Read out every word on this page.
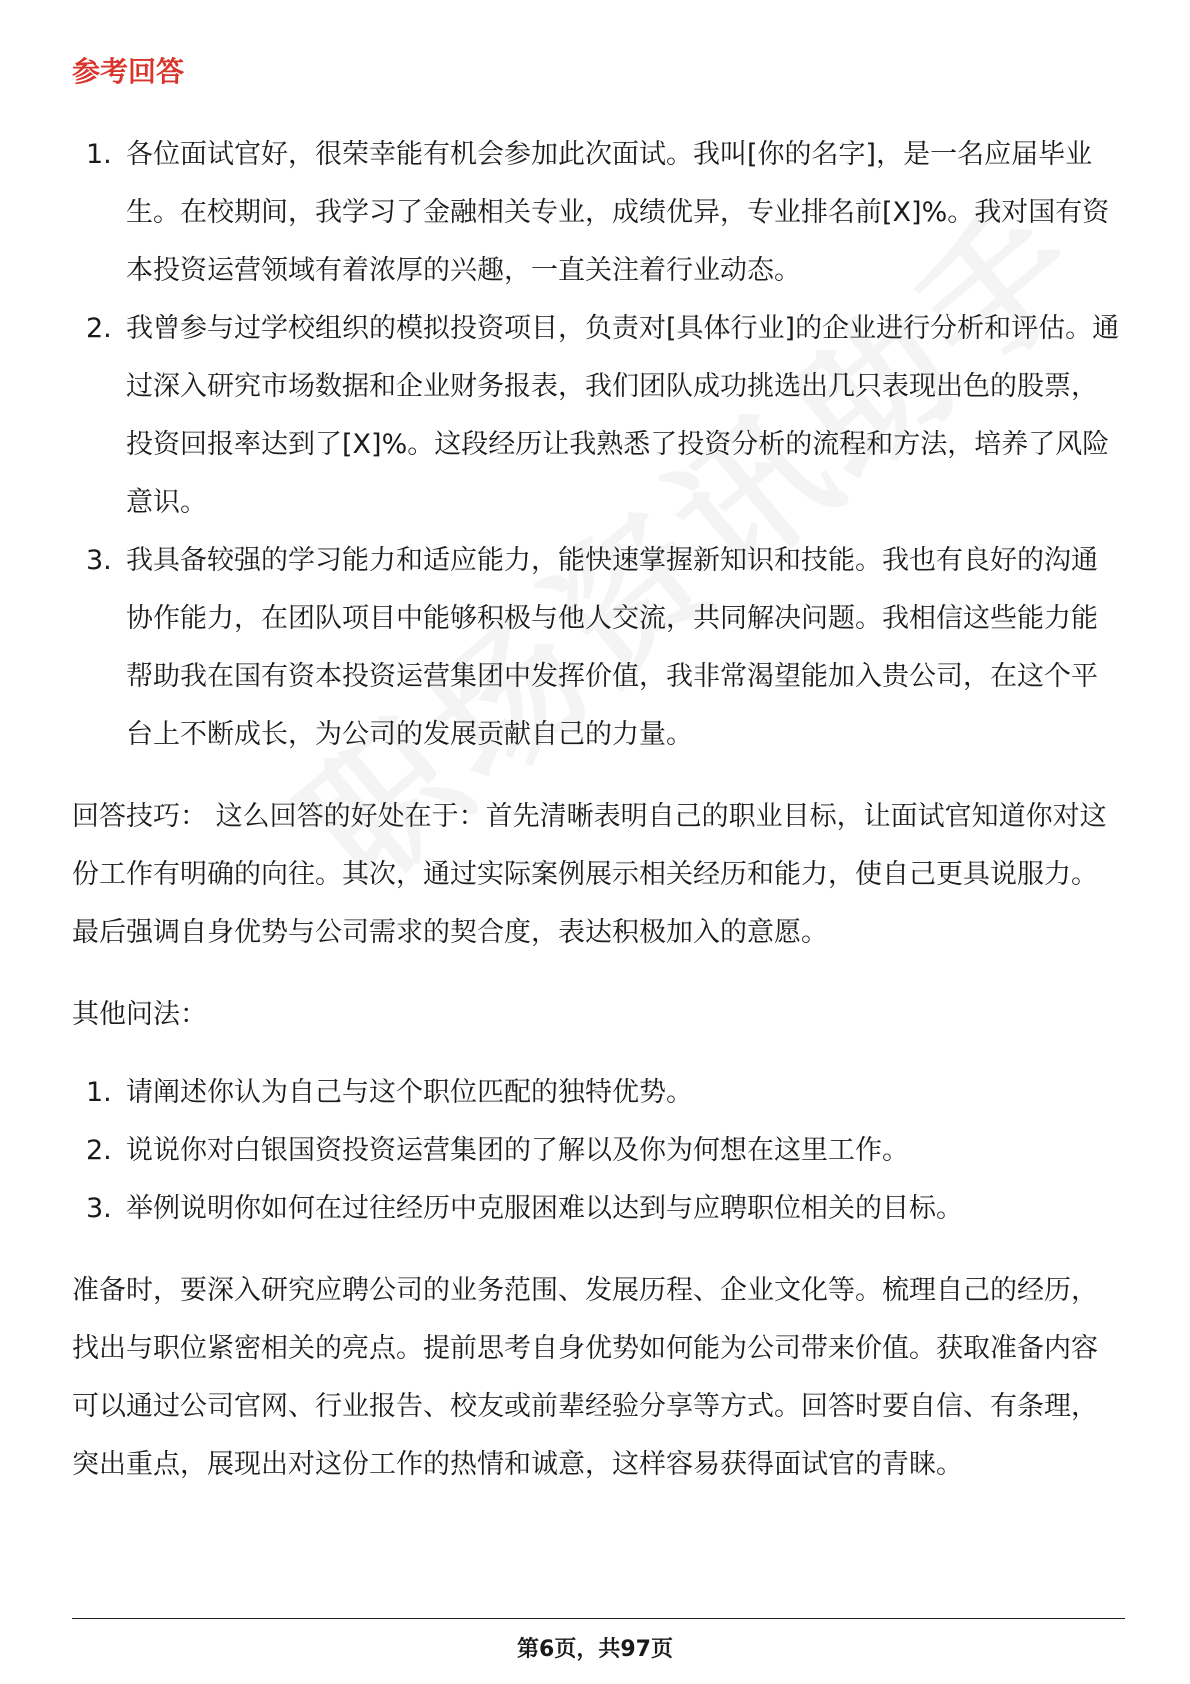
参考回答
1. 各位面试官好，很荣幸能有机会参加此次面试。我叫[你的名字]，是一名应届毕业生。在校期间，我学习了金融相关专业，成绩优异，专业排名前[X]%。我对国有资本投资运营领域有着浓厚的兴趣，一直关注着行业动态。
2. 我曾参与过学校组织的模拟投资项目，负责对[具体行业]的企业进行分析和评估。通过深入研究市场数据和企业财务报表，我们团队成功挑选出几只表现出色的股票，投资回报率达到了[X]%。这段经历让我熟悉了投资分析的流程和方法，培养了风险意识。
3. 我具备较强的学习能力和适应能力，能快速掌握新知识和技能。我也有良好的沟通协作能力，在团队项目中能够积极与他人交流，共同解决问题。我相信这些能力能帮助我在国有资本投资运营集团中发挥价值，我非常渴望能加入贵公司，在这个平台上不断成长，为公司的发展贡献自己的力量。

回答技巧： 这么回答的好处在于：首先清晰表明自己的职业目标，让面试官知道你对这份工作有明确的向往。其次，通过实际案例展示相关经历和能力，使自己更具说服力。最后强调自身优势与公司需求的契合度，表达积极加入的意愿。

其他问法：

1. 请阐述你认为自己与这个职位匹配的独特优势。
2. 说说你对白银国资投资运营集团的了解以及你为何想在这里工作。
3. 举例说明你如何在过往经历中克服困难以达到与应聘职位相关的目标。

准备时，要深入研究应聘公司的业务范围、发展历程、企业文化等。梳理自己的经历，找出与职位紧密相关的亮点。提前思考自身优势如何能为公司带来价值。获取准备内容可以通过公司官网、行业报告、校友或前辈经验分享等方式。回答时要自信、有条理，突出重点，展现出对这份工作的热情和诚意，这样容易获得面试官的青睐。

第6页，共97页
